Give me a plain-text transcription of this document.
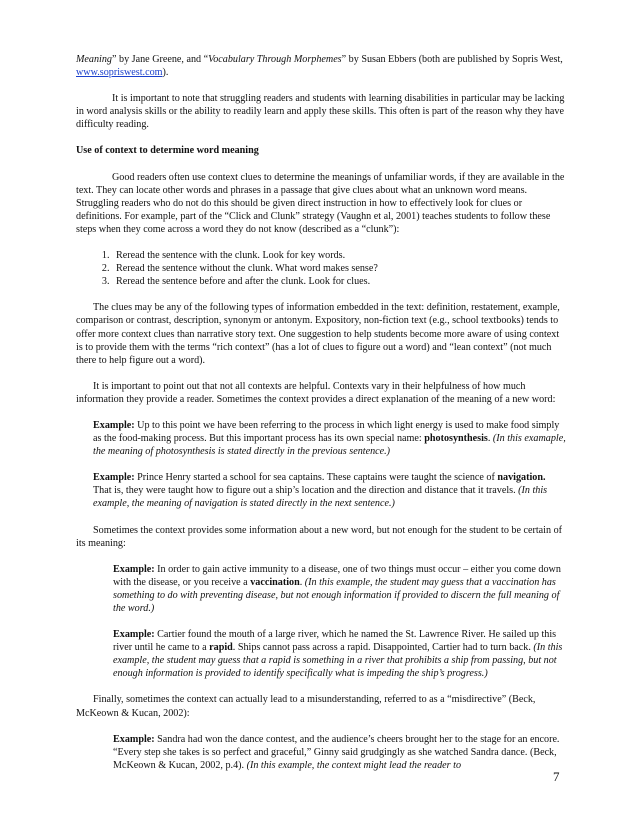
Meaning” by Jane Greene, and “Vocabulary Through Morphemes” by Susan Ebbers (both are published by Sopris West, www.sopriswest.com).

It is important to note that struggling readers and students with learning disabilities in particular may be lacking in word analysis skills or the ability to readily learn and apply these skills. This often is part of the reason why they have difficulty reading.

Use of context to determine word meaning

Good readers often use context clues to determine the meanings of unfamiliar words, if they are available in the text. They can locate other words and phrases in a passage that give clues about what an unknown word means. Struggling readers who do not do this should be given direct instruction in how to effectively look for clues or definitions. For example, part of the “Click and Clunk” strategy (Vaughn et al, 2001) teaches students to follow these steps when they come across a word they do not know (described as a “clunk”):

1. Reread the sentence with the clunk. Look for key words.
2. Reread the sentence without the clunk. What word makes sense?
3. Reread the sentence before and after the clunk. Look for clues.

The clues may be any of the following types of information embedded in the text: definition, restatement, example, comparison or contrast, description, synonym or antonym. Expository, non-fiction text (e.g., school textbooks) tends to offer more context clues than narrative story text. One suggestion to help students become more aware of using context is to provide them with the terms “rich context” (has a lot of clues to figure out a word) and “lean context” (not much there to help figure out a word).

It is important to point out that not all contexts are helpful. Contexts vary in their helpfulness of how much information they provide a reader. Sometimes the context provides a direct explanation of the meaning of a new word:

Example: Up to this point we have been referring to the process in which light energy is used to make food simply as the food-making process. But this important process has its own special name: photosynthesis. (In this examaple, the meaning of photosynthesis is stated directly in the previous sentence.)

Example: Prince Henry started a school for sea captains. These captains were taught the science of navigation. That is, they were taught how to figure out a ship’s location and the direction and distance that it travels. (In this example, the meaning of navigation is stated directly in the next sentence.)

Sometimes the context provides some information about a new word, but not enough for the student to be certain of its meaning:

Example: In order to gain active immunity to a disease, one of two things must occur – either you come down with the disease, or you receive a vaccination. (In this example, the student may guess that a vaccination has something to do with preventing disease, but not enough information if provided to discern the full meaning of the word.)

Example: Cartier found the mouth of a large river, which he named the St. Lawrence River. He sailed up this river until he came to a rapid. Ships cannot pass across a rapid. Disappointed, Cartier had to turn back. (In this example, the student may guess that a rapid is something in a river that prohibits a ship from passing, but not enough information is provided to identify specifically what is impeding the ship’s progress.)

Finally, sometimes the context can actually lead to a misunderstanding, referred to as a “misdirective” (Beck, McKeown & Kucan, 2002):

Example: Sandra had won the dance contest, and the audience’s cheers brought her to the stage for an encore. “Every step she takes is so perfect and graceful,” Ginny said grudgingly as she watched Sandra dance. (Beck, McKeown & Kucan, 2002, p.4). (In this example, the context might lead the reader to

7
